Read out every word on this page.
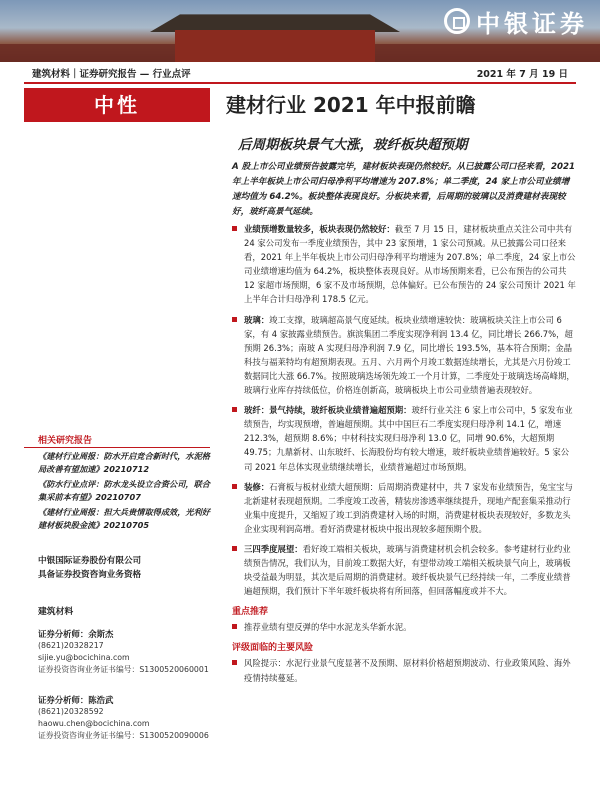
中银证券
建筑材料｜证券研究报告 — 行业点评	2021 年 7 月 19 日
中性	建材行业 2021 年中报前瞻
后周期板块景气大涨，玻纤板块超预期
A 股上市公司业绩预告披露完毕，建材板块表现仍然较好。从已披露公司口径来看，2021 年上半年板块上市公司归母净利平均增速为 207.8%；单二季度，24 家上市公司业绩增速均值为 64.2%。板块整体表现良好。分板块来看，后周期的玻璃以及消费建材表现较好，玻纤高景气延续。
业绩预增数量较多，板块表现仍然较好：截至 7 月 15 日，建材板块重点关注公司中共有 24 家公司发布一季度业绩预告，其中 23 家预增，1 家公司预减。从已披露公司口径来看，2021 年上半年板块上市公司归母净利平均增速为 207.8%；单二季度，24 家上市公司业绩增速均值为 64.2%，板块整体表现良好。从市场预期来看，已公布预告的公司共 12 家超市场预期，6 家不及市场预期，总体偏好。已公布预告的 24 家公司预计 2021 年上半年合计归母净利 178.5 亿元。
玻璃：竣工支撑，玻璃超高景气度延续。板块业绩增速较快：玻璃板块关注上市公司 6 家，有 4 家披露业绩预告。旗滨集团二季度实现净利润 13.4 亿，同比增长 266.7%，超预期 26.3%；南玻 A 实现归母净利润 7.9 亿，同比增长 193.5%，基本符合预期；金晶科技与福莱特均有超预期表现。五月、六月两个月竣工数据连续增长，尤其是六月份竣工数据同比大涨 66.7%。按照玻璃迭场领先竣工一个月计算，二季度处于玻璃迭场高峰期，玻璃行业库存持续低位，价格连创新高，玻璃板块上市公司业绩普遍表现较好。
玻纤：景气持续，玻纤板块业绩普遍超预期：玻纤行业关注 6 家上市公司中，5 家发布业绩预告，均实现预增，普遍超预期。其中中国巨石二季度实现归母净利 14.1 亿，增速 212.3%，超预期 8.6%；中材科技实现归母净利 13.0 亿，同增 90.6%，大超预期 49.75；九鼎新材、山东玻纤、长海股份均有较大增速，玻纤板块业绩普遍较好。5 家公司 2021 年总体实现业绩继续增长，业绩普遍超过市场预期。
装修：石膏板与板材业绩大超预期：后周期消费建材中，共 7 家发布业绩预告，兔宝宝与北新建材表现超预期。二季度竣工改善，精装房渗透率继续提升，现地产配套集采推动行业集中度提升，又缩短了竣工到消费建材入场的时期，消费建材板块表现较好，多数龙头企业实现利润高增。看好消费建材板块中报出现较多超预期个股。
三四季度展望：看好竣工端相关板块，玻璃与消费建材机会机会较多。参考建材行业约业绩预告情况，我们认为，目前竣工数据大好，有望带动竣工端相关板块景气向上，玻璃板块受益最为明显，其次是后周期的消费建材。玻纤板块景气已经持续一年，二季度业绩普遍超预期，我们预计下半年玻纤板块将有所回落，但回落幅度或并不大。
重点推荐
推荐业绩有望反弹的华中水泥龙头华新水泥。
评级面临的主要风险
风险提示：水泥行业景气度显著不及预期、原材料价格超预期波动、行业政策风险、海外疫情持续蔓延。
相关研究报告

《建材行业周报：防水开启竞合新时代，水泥格局改善有望加速》20210712

《防水行业点评：防水龙头设立合资公司，联合集采前本有望》20210707

《建材行业周报：担大兵贵情取得成效，光利好建材板块股金流》20210705

中银国际证券股份有限公司
具备证券投资咨询业务资格
建筑材料
证券分析师：余斯杰
(8621)20328217
sijie.yu@bocichina.com
证券投资咨询业务证书编号：S1300520060001
证券分析师：陈浩武
(8621)20328592
haowu.chen@bocichina.com
证券投资咨询业务证书编号：S1300520090006
